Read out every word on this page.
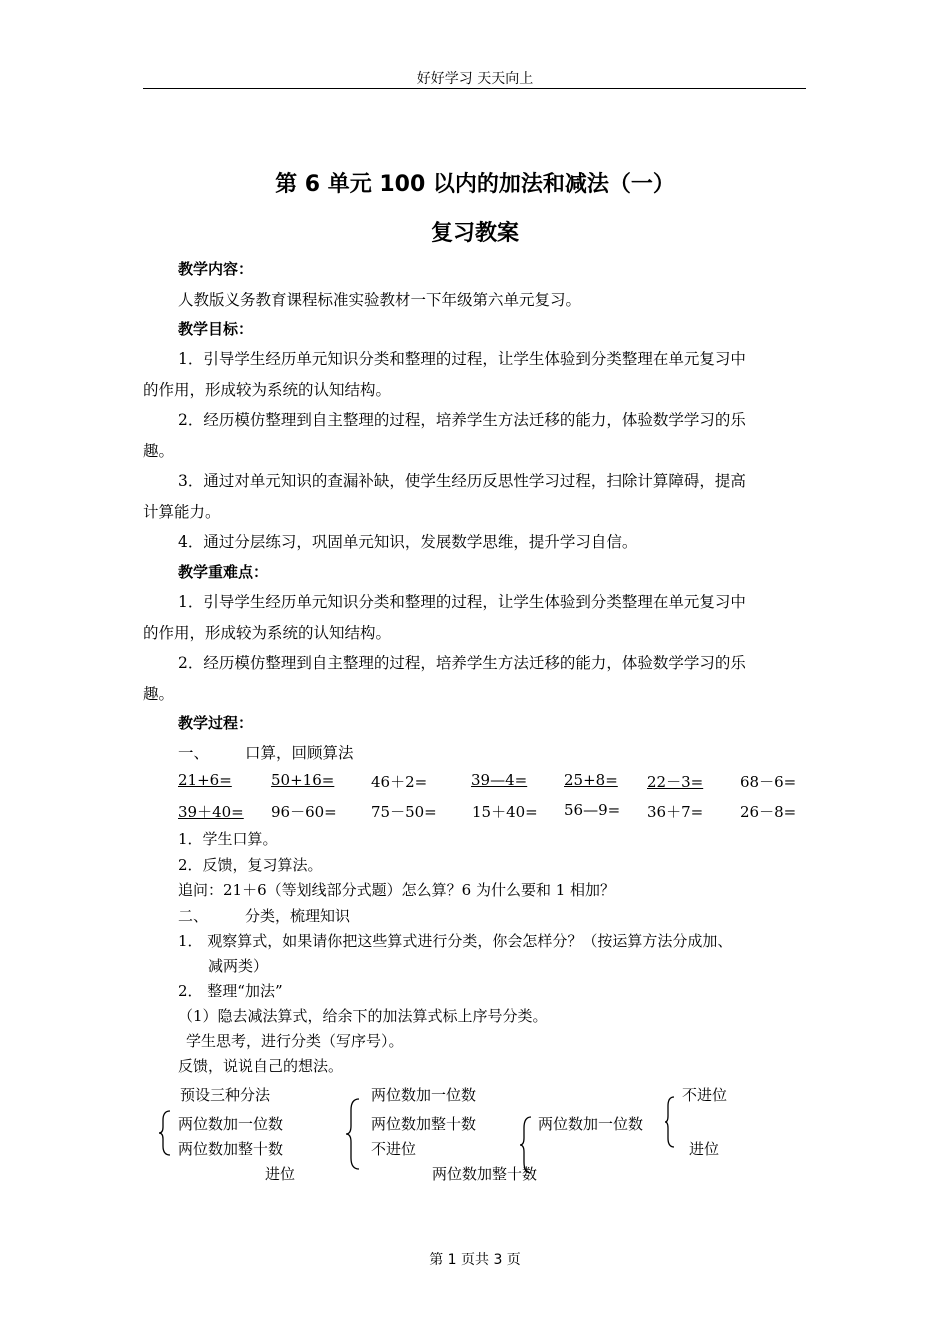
好好学习 天天向上
第 6 单元 100 以内的加法和减法（一）
复习教案
教学内容：
人教版义务教育课程标准实验教材一下年级第六单元复习。
教学目标：
1．引导学生经历单元知识分类和整理的过程，让学生体验到分类整理在单元复习中
的作用，形成较为系统的认知结构。
2．经历模仿整理到自主整理的过程，培养学生方法迁移的能力，体验数学学习的乐
趣。
3．通过对单元知识的查漏补缺，使学生经历反思性学习过程，扫除计算障碍，提高
计算能力。
4．通过分层练习，巩固单元知识，发展数学思维，提升学习自信。
教学重难点：
1．引导学生经历单元知识分类和整理的过程，让学生体验到分类整理在单元复习中
的作用，形成较为系统的认知结构。
2．经历模仿整理到自主整理的过程，培养学生方法迁移的能力，体验数学学习的乐
趣。
教学过程：
一、 口算，回顾算法
21+6=	50+16= 46＋2=	39—4= 25+8= 22－3= 68－6=
39＋40= 96－60= 75－50= 15＋40= 56—9= 36＋7= 26－8=
1．学生口算。
2．反馈，复习算法。
追问：21＋6（等划线部分式题）怎么算？6 为什么要和 1 相加？
二、 分类，梳理知识
1． 观察算式，如果请你把这些算式进行分类，你会怎样分？（按运算方法分成加、
减两类）
2． 整理“加法”
（1）隐去减法算式，给余下的加法算式标上序号分类。
学生思考，进行分类（写序号）。
反馈，说说自己的想法。
预设三种分法	两位数加一位数	不进位
两位数加一位数
两位数加整十数
进位
两位数加整十数
不进位
两位数加整十数
两位数加一位数
进位
第 1 页共 3 页
